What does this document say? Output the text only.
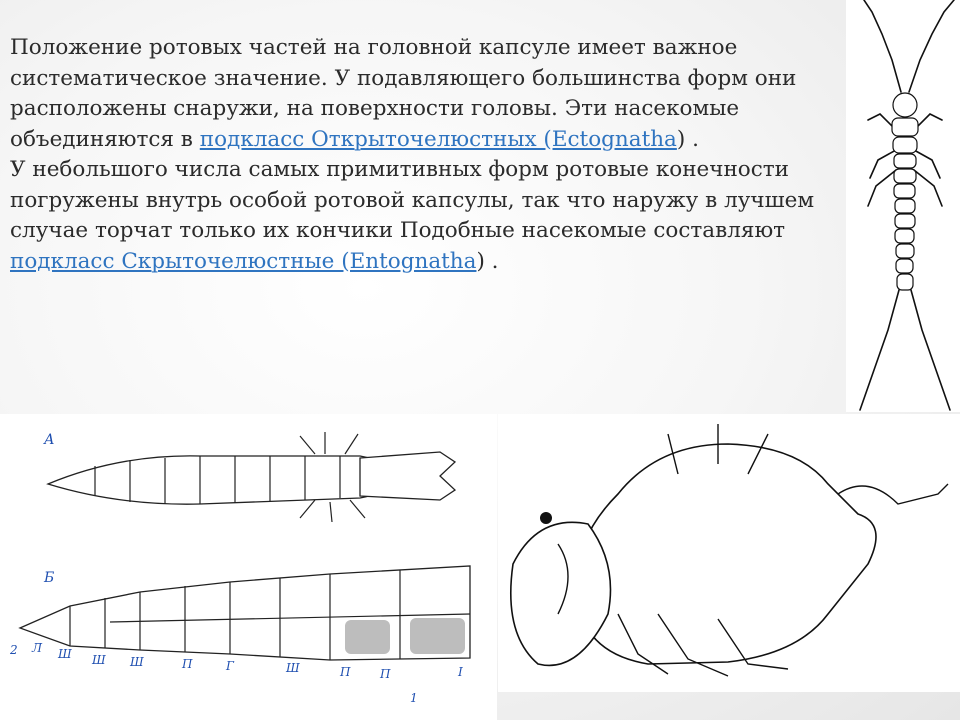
Положение ротовых частей на головной капсуле имеет важное систематическое значение. У подавляющего большинства форм они расположены снаружи, на поверхности головы. Эти насекомые объединяются в подкласс Открыточелюстных (Ectognatha) .

У небольшого числа самых примитивных форм ротовые конечности погружены внутрь особой ротовой капсулы, так что наружу в лучшем случае торчат только их кончики Подобные насекомые составляют подкласс Скрыточелюстные (Entognatha) .

А
Б
2 Л Ш Ш Ш	П	Г	Ш	П П	І
1
